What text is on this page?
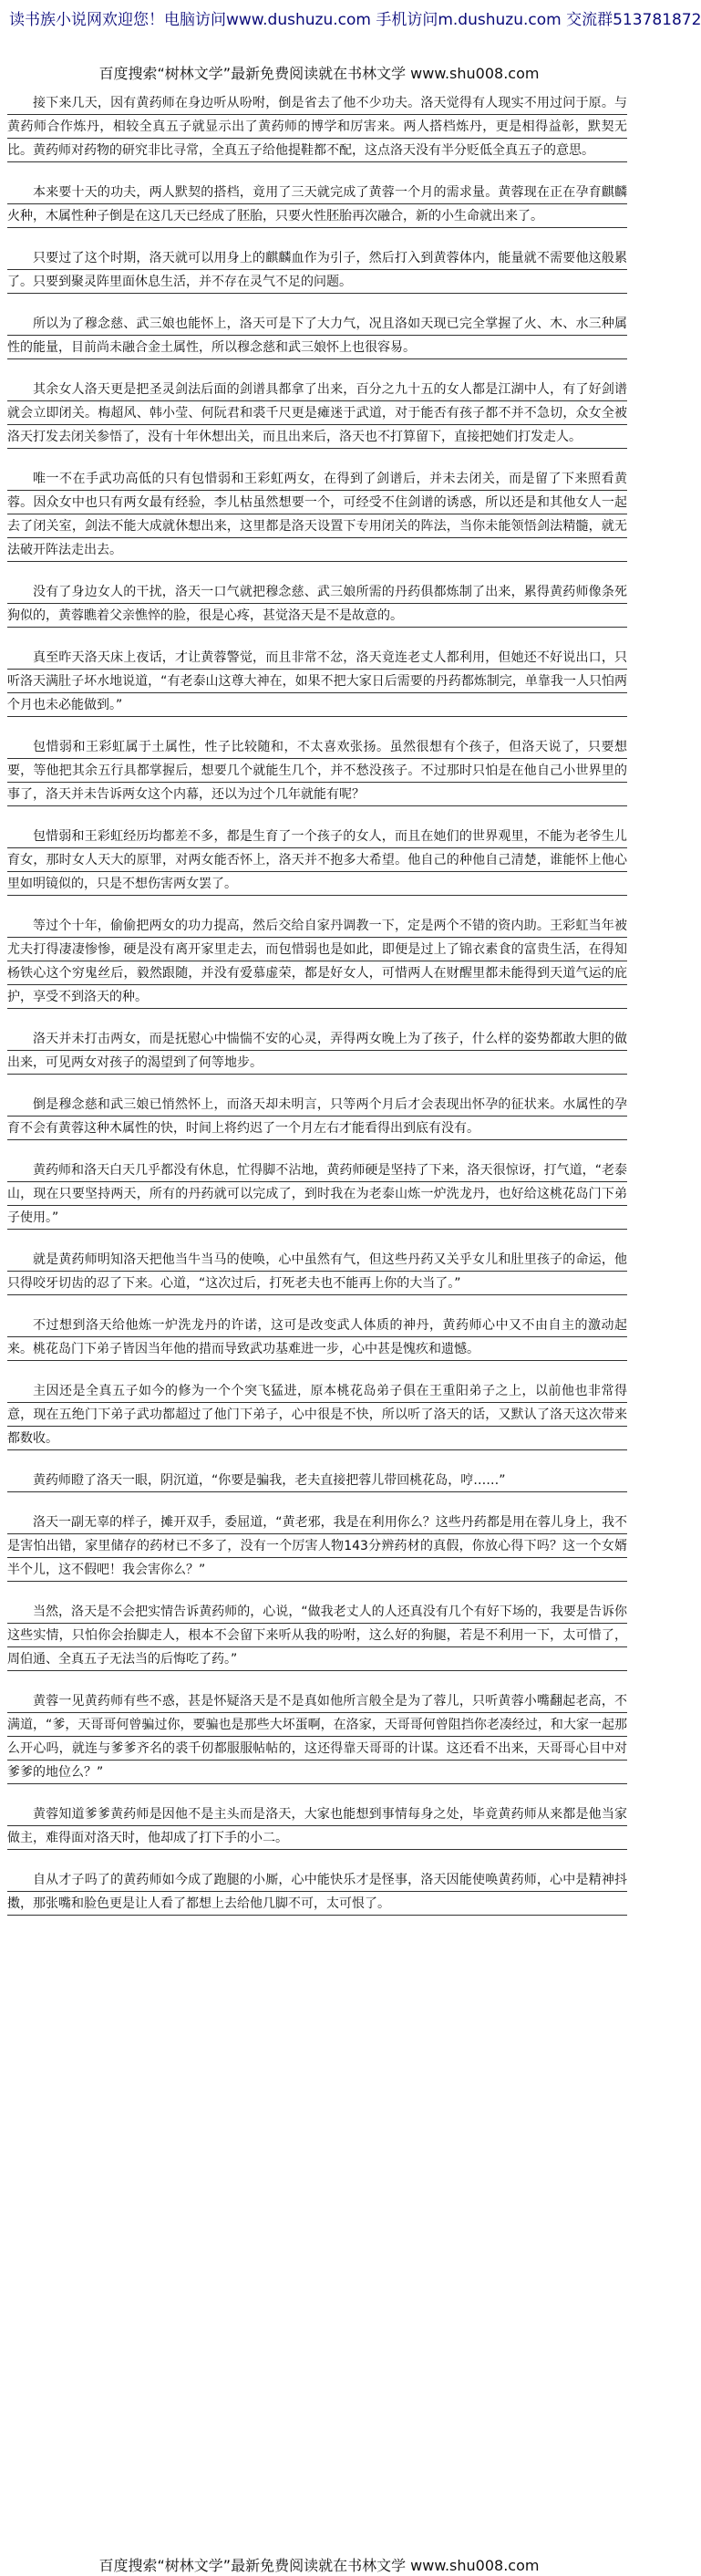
读书族小说网欢迎您！电脑访问www.dushuzu.com 手机访问m.dushuzu.com 交流群513781872
百度搜索“树林文学”最新免费阅读就在书林文学 www.shu008.com
接下来几天，因有黄药师在身边听从吩咐，倒是省去了他不少功夫。洛天觉得有人现实不用过问于原。与黄药师合作炼丹，相较全真五子就显示出了黄药师的博学和厉害来。两人搭档炼丹，更是相得益彰，默契无比。黄药师对药物的研究非比寻常，全真五子给他提鞋都不配，这点洛天没有半分贬低全真五子的意思。
本来要十天的功夫，两人默契的搭档，竟用了三天就完成了黄蓉一个月的需求量。黄蓉现在正在孕育麒麟火种，木属性种子倒是在这几天已经成了胚胎，只要火性胚胎再次融合，新的小生命就出来了。
只要过了这个时期，洛天就可以用身上的麒麟血作为引子，然后打入到黄蓉体内，能量就不需要他这般累了。只要到聚灵阵里面休息生活，并不存在灵气不足的问题。
所以为了穆念慈、武三娘也能怀上，洛天可是下了大力气，况且洛如天现已完全掌握了火、木、水三种属性的能量，目前尚未融合金土属性，所以穆念慈和武三娘怀上也很容易。
其余女人洛天更是把圣灵剑法后面的剑谱具都拿了出来，百分之九十五的女人都是江湖中人，有了好剑谱就会立即闭关。梅超风、韩小莹、何阮君和裘千尺更是瘫迷于武道，对于能否有孩子都不并不急切，众女全被洛天打发去闭关参悟了，没有十年休想出关，而且出来后，洛天也不打算留下，直接把她们打发走人。
唯一不在手武功高低的只有包惜弱和王彩虹两女，在得到了剑谱后，并未去闭关，而是留了下来照看黄蓉。因众女中也只有两女最有经验，李儿枯虽然想要一个，可经受不住剑谱的诱惑，所以还是和其他女人一起去了闭关室，剑法不能大成就休想出来，这里都是洛天设置下专用闭关的阵法，当你未能领悟剑法精髓，就无法破开阵法走出去。
没有了身边女人的干扰，洛天一口气就把穆念慈、武三娘所需的丹药俱都炼制了出来，累得黄药师像条死狗似的，黄蓉瞧着父亲憔悴的脸，很是心疼，甚觉洛天是不是故意的。
真至昨天洛天床上夜话，才让黄蓉警觉，而且非常不忿，洛天竟连老丈人都利用，但她还不好说出口，只听洛天满肚子坏水地说道，“有老泰山这尊大神在，如果不把大家日后需要的丹药都炼制完，单靠我一人只怕两个月也未必能做到。”
包惜弱和王彩虹属于土属性，性子比较随和，不太喜欢张扬。虽然很想有个孩子，但洛天说了，只要想要，等他把其余五行具都掌握后，想要几个就能生几个，并不愁没孩子。不过那时只怕是在他自己小世界里的事了，洛天并未告诉两女这个内幕，还以为过个几年就能有呢？
包惜弱和王彩虹经历均都差不多，都是生育了一个孩子的女人，而且在她们的世界观里，不能为老爷生儿育女，那时女人天大的原罪，对两女能否怀上，洛天并不抱多大希望。他自己的种他自己清楚，谁能怀上他心里如明镜似的，只是不想伤害两女罢了。
等过个十年，偷偷把两女的功力提高，然后交给自家丹调教一下，定是两个不错的资内助。王彩虹当年被尤夫打得凄凄惨惨，硬是没有离开家里走去，而包惜弱也是如此，即便是过上了锦衣素食的富贵生活，在得知杨铁心这个穷鬼丝后，毅然跟随，并没有爱慕虚荣，都是好女人，可惜两人在财醒里都未能得到天道气运的庇护，享受不到洛天的种。
洛天并未打击两女，而是抚慰心中惴惴不安的心灵，弄得两女晚上为了孩子，什么样的姿势都敢大胆的做出来，可见两女对孩子的渴望到了何等地步。
倒是穆念慈和武三娘已悄然怀上，而洛天却未明言，只等两个月后才会表现出怀孕的征状来。水属性的孕育不会有黄蓉这种木属性的快，时间上将约迟了一个月左右才能看得出到底有没有。
黄药师和洛天白天几乎都没有休息，忙得脚不沾地，黄药师硬是坚持了下来，洛天很惊讶，打气道，“老泰山，现在只要坚持两天，所有的丹药就可以完成了，到时我在为老泰山炼一炉洗龙丹，也好给这桃花岛门下弟子使用。”
就是黄药师明知洛天把他当牛当马的使唤，心中虽然有气，但这些丹药又关乎女儿和肚里孩子的命运，他只得咬牙切齿的忍了下来。心道，“这次过后，打死老夫也不能再上你的大当了。”
不过想到洛天给他炼一炉洗龙丹的许诺，这可是改变武人体质的神丹，黄药师心中又不由自主的激动起来。桃花岛门下弟子皆因当年他的措而导致武功基难进一步，心中甚是愧疚和遗憾。
主因还是全真五子如今的修为一个个突飞猛进，原本桃花岛弟子俱在王重阳弟子之上，以前他也非常得意，现在五绝门下弟子武功都超过了他门下弟子，心中很是不快，所以听了洛天的话，又默认了洛天这次带来都数收。
黄药师瞪了洛天一眼，阴沉道，“你要是骗我，老夫直接把蓉儿带回桃花岛，哼……”
洛天一副无辜的样子，摊开双手，委屈道，“黄老邪，我是在利用你么？这些丹药都是用在蓉儿身上，我不是害怕出错，家里储存的药材已不多了，没有一个厉害人物143分辨药材的真假，你放心得下吗？这一个女婿半个儿，这不假吧！我会害你么？”
当然，洛天是不会把实情告诉黄药师的，心说，“做我老丈人的人还真没有几个有好下场的，我要是告诉你这些实情，只怕你会抬脚走人，根本不会留下来听从我的吩咐，这么好的狗腿，若是不利用一下，太可惜了，周伯通、全真五子无法当的后悔吃了药。”
黄蓉一见黄药师有些不惑，甚是怀疑洛天是不是真如他所言般全是为了蓉儿，只听黄蓉小嘴翻起老高，不满道，“爹，天哥哥何曾骗过你，要骗也是那些大坏蛋啊，在洛家，天哥哥何曾阻挡你老凑经过，和大家一起那么开心吗，就连与爹爹齐名的裘千仞都服服帖帖的，这还得靠天哥哥的计谋。这还看不出来，天哥哥心目中对爹爹的地位么？”
黄蓉知道爹爹黄药师是因他不是主头而是洛天，大家也能想到事情每身之处，毕竟黄药师从来都是他当家做主，难得面对洛天时，他却成了打下手的小二。
自从才子吗了的黄药师如今成了跑腿的小厮，心中能快乐才是怪事，洛天因能使唤黄药师，心中是精神抖擞，那张嘴和脸色更是让人看了都想上去给他几脚不可，太可恨了。
百度搜索“树林文学”最新免费阅读就在书林文学 www.shu008.com
